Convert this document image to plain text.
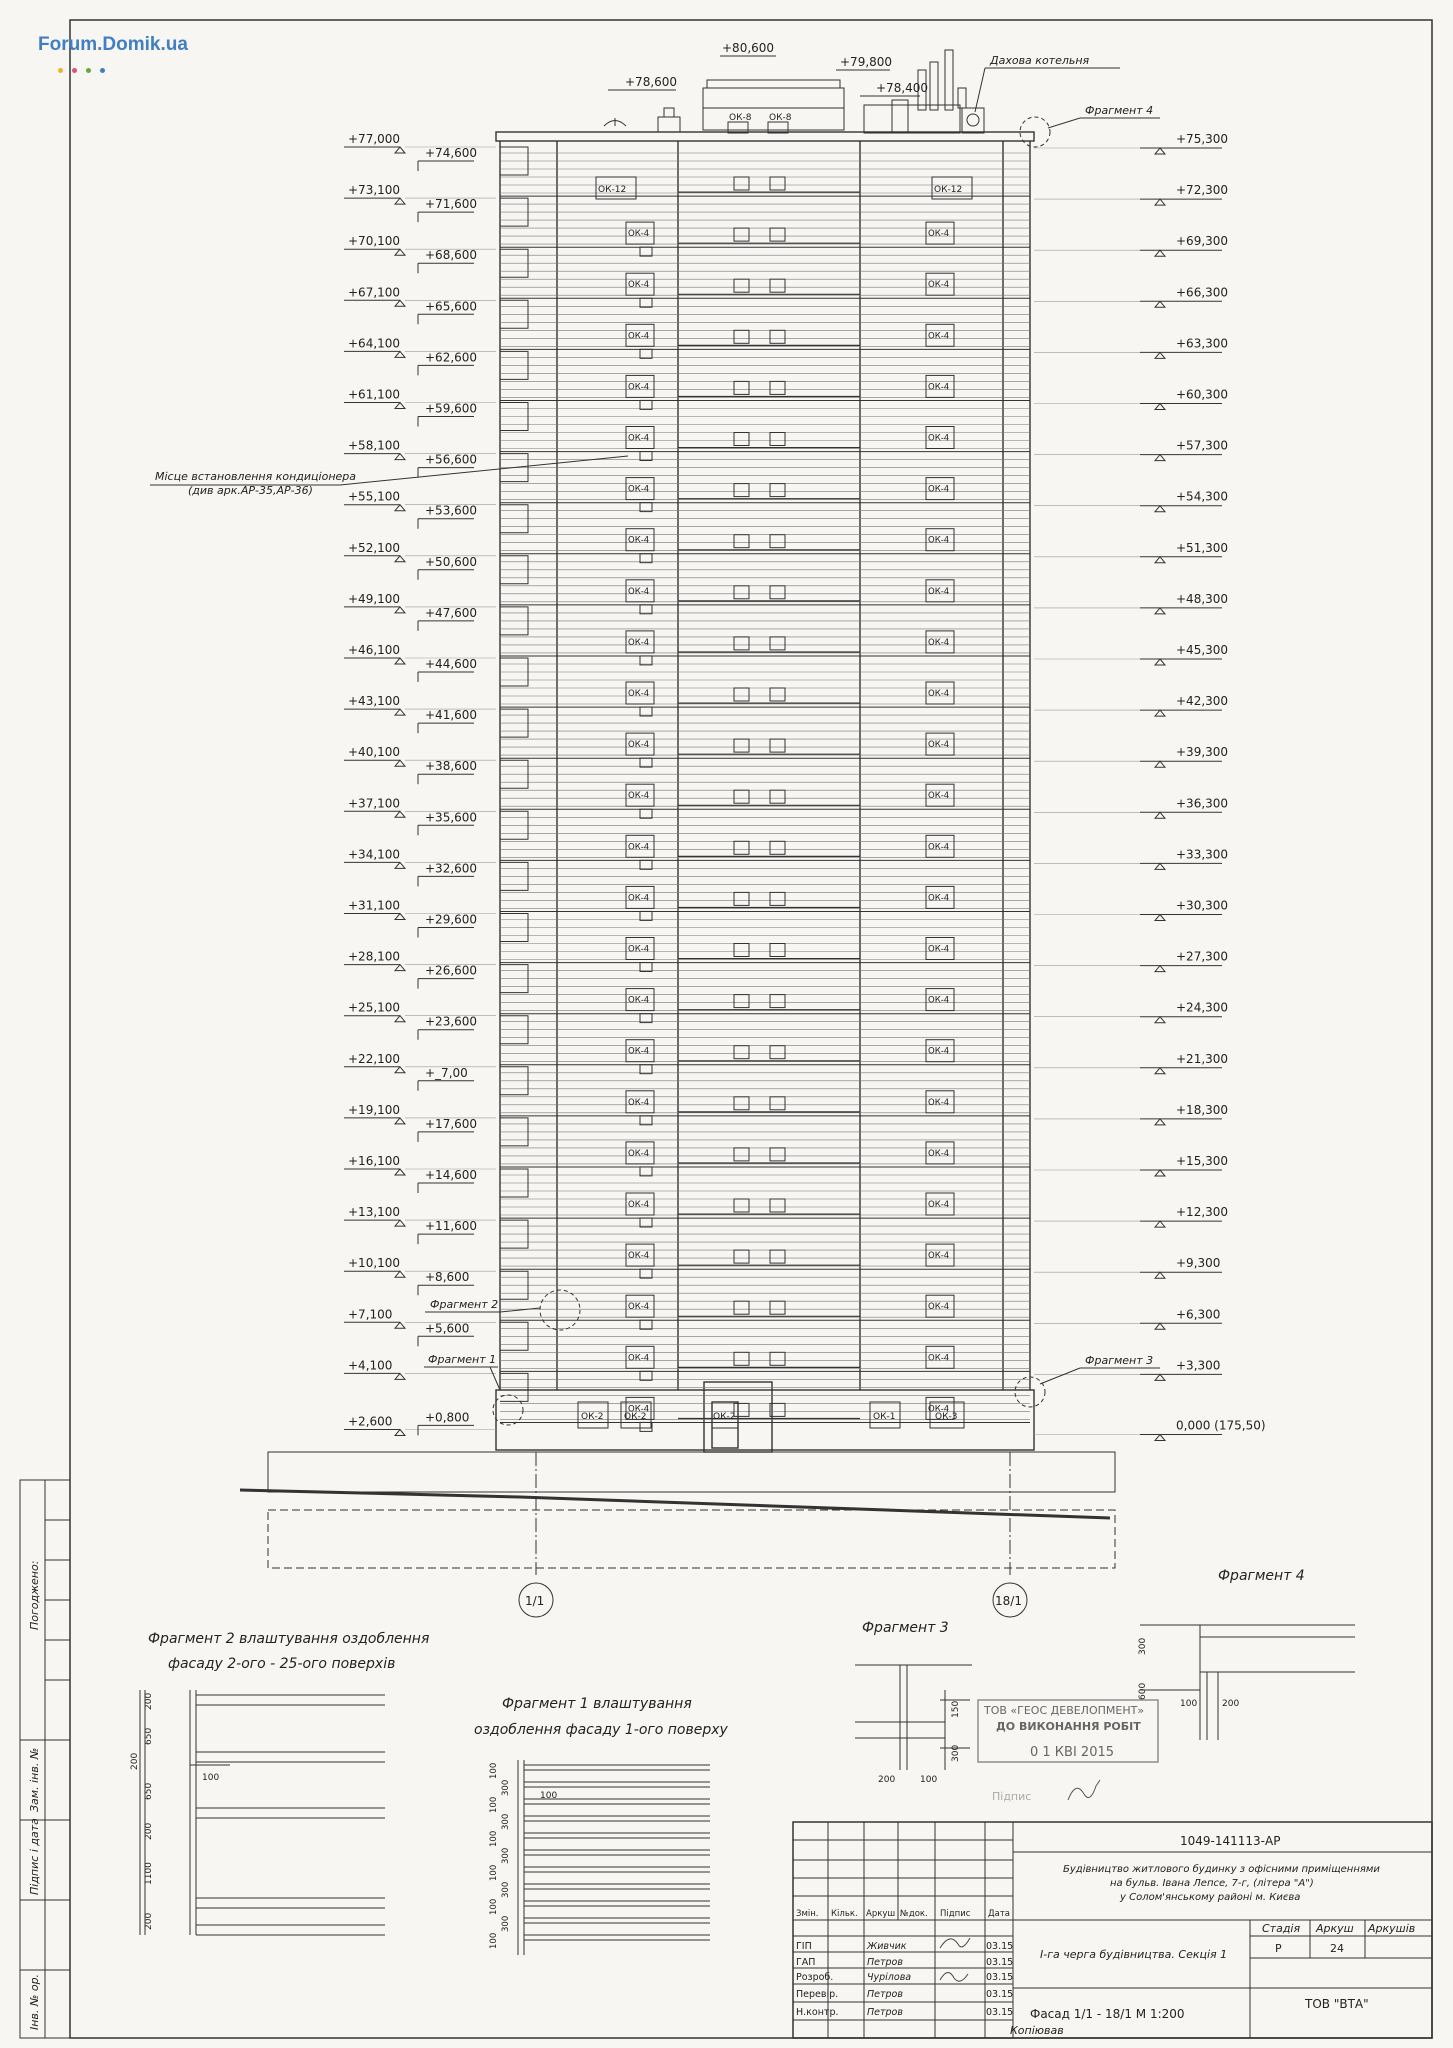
ОК-8 ОК-8
+80,600
+79,800
+78,600	+78,400
Дахова котельня
Фрагмент 4
ОК-4
ОК-4
ОК-4
ОК-4
ОК-4
ОК-4
ОК-4
ОК-4
ОК-4
ОК-4
ОК-4
ОК-4
ОК-4
ОК-4
ОК-4
ОК-4
ОК-4
ОК-4
ОК-4
ОК-4
ОК-4
ОК-4
ОК-4
ОК-4
ОК-4
ОК-4
ОК-4
ОК-4
ОК-4
ОК-4
ОК-4
ОК-4
ОК-4
ОК-4
ОК-4
ОК-4
ОК-4
ОК-4
ОК-4
ОК-4
ОК-4
ОК-4
ОК-4
ОК-4
ОК-4
ОК-4
ОК-4
ОК-4
+77,000
+73,100
+70,100
+67,100
+64,100
+61,100
+58,100
+55,100
+52,100
+49,100
+46,100
+43,100
+40,100
+37,100
+34,100
+31,100
+28,100
+25,100
+22,100
+19,100
+16,100
+13,100
+10,100
+7,100
+4,100
+2,600
+74,600
+71,600
+68,600
+65,600
+62,600
+59,600
+56,600
+53,600
+50,600
+47,600
+44,600
+41,600
+38,600
+35,600
+32,600
+29,600
+26,600
+23,600
+_7,00
+17,600
+14,600
+11,600
+8,600
+5,600
+0,800
+75,300
+72,300
+69,300
+66,300
+63,300
+60,300
+57,300
+54,300
+51,300
+48,300
+45,300
+42,300
+39,300
+36,300
+33,300
+30,300
+27,300
+24,300
+21,300
+18,300
+15,300
+12,300
+9,300
+6,300
+3,300
0,000 (175,50)
ОК-12	ОК-12
ОК-2 ОК-2	ОК-2	ОК-1	ОК-3
Місце встановлення кондиціонера
(див арк.АР-35,АР-36)
Фрагмент 2
Фрагмент 1	Фрагмент 3
1/1	18/1
Погоджено:
Зам. інв. №
Підпис і дата
Інв. № ор.
Фрагмент 2 влаштування оздоблення
фасаду 2-ого - 25-ого поверхів
200
650
200
650
200
1100
200
100
Фрагмент 1 влаштування
оздоблення фасаду 1-ого поверху
100
300
100
300
100
300
100
300
100
300
100
100
Фрагмент 3
150
300
200	100
Фрагмент 4
300
600
100	200
ТОВ «ГЕОС ДЕВЕЛОПМЕНТ»
ДО ВИКОНАННЯ РОБІТ
0 1 КВІ 2015
Підпис
1049-141113-АР
Будівництво житлового будинку з офісними приміщеннями
на бульв. Івана Лепсе, 7-г, (літера "А")
у Солом'янському районі м. Києва
Змін. Кільк. Аркуш №док. Підпис Дата
ГІП	Живчик	03.15
ГАП	Петров	03.15
Розроб.	Чурілова	03.15
Перевір.	Петров	03.15
Н.контр.	Петров	03.15
Стадія Аркуш Аркушів
Р	24
І-га черга будівництва. Секція 1
Фасад 1/1 - 18/1 М 1:200
ТОВ "ВТА"
Копіював
Forum.Domik.ua
